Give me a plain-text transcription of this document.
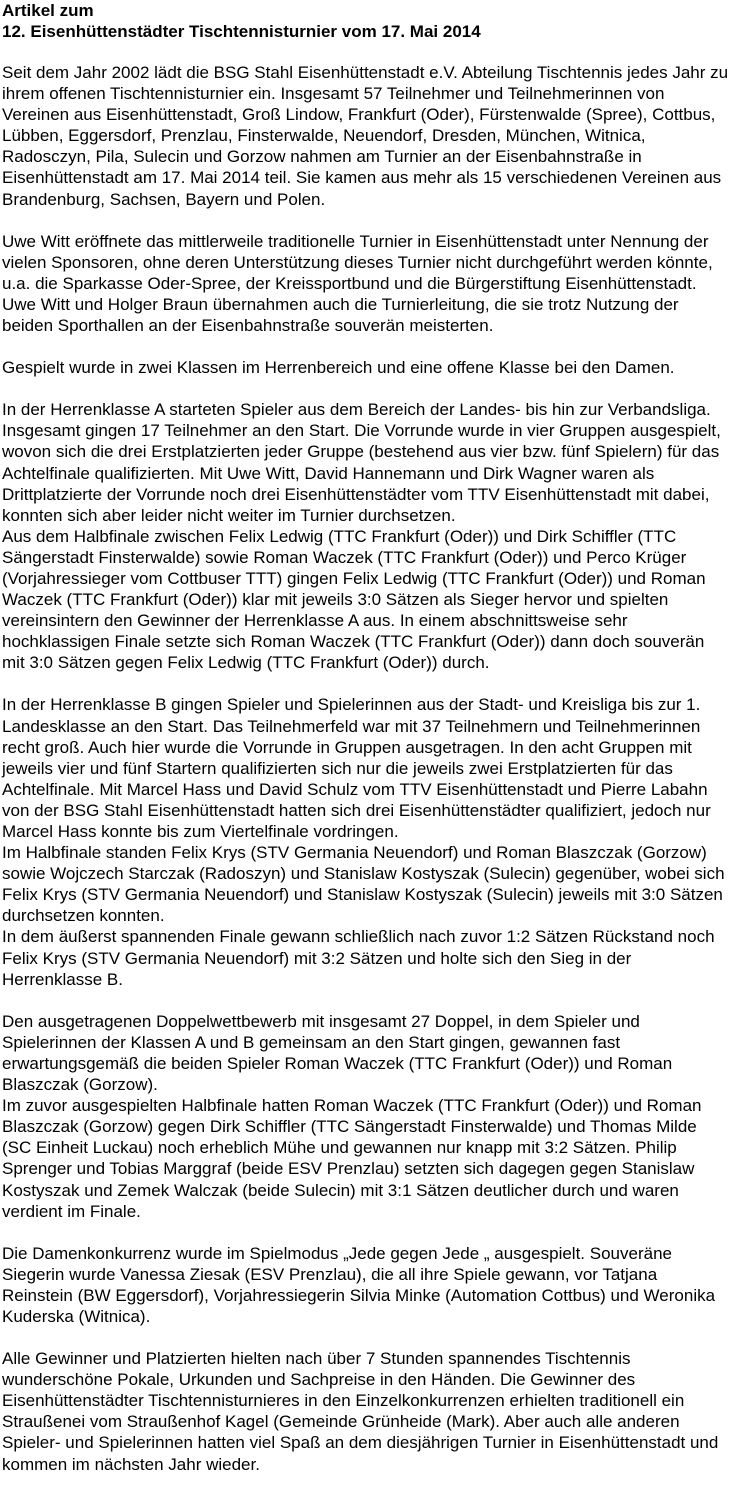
Artikel zum

12. Eisenhüttenstädter Tischtennisturnier vom 17. Mai 2014

Seit dem Jahr 2002 lädt die BSG Stahl Eisenhüttenstadt e.V. Abteilung Tischtennis jedes Jahr zu ihrem offenen Tischtennisturnier ein. Insgesamt 57 Teilnehmer und Teilnehmerinnen von Vereinen aus Eisenhüttenstadt, Groß Lindow, Frankfurt (Oder), Fürstenwalde (Spree), Cottbus, Lübben, Eggersdorf, Prenzlau, Finsterwalde, Neuendorf, Dresden, München, Witnica, Radosczyn, Pila, Sulecin und Gorzow nahmen am Turnier an der Eisenbahnstraße in Eisenhüttenstadt am 17. Mai 2014 teil. Sie kamen aus mehr als 15 verschiedenen Vereinen aus Brandenburg, Sachsen, Bayern und Polen.

Uwe Witt eröffnete das mittlerweile traditionelle Turnier in Eisenhüttenstadt unter Nennung der vielen Sponsoren, ohne deren Unterstützung dieses Turnier nicht durchgeführt werden könnte, u.a. die Sparkasse Oder-Spree, der Kreissportbund und die Bürgerstiftung Eisenhüttenstadt. Uwe Witt und Holger Braun übernahmen auch die Turnierleitung, die sie trotz Nutzung der beiden Sporthallen an der Eisenbahnstraße souverän meisterten.

Gespielt wurde in zwei Klassen im Herrenbereich und eine offene Klasse bei den Damen.

In der Herrenklasse A starteten Spieler aus dem Bereich der Landes- bis hin zur Verbandsliga. Insgesamt gingen 17 Teilnehmer an den Start. Die Vorrunde wurde in vier Gruppen ausgespielt, wovon sich die drei Erstplatzierten jeder Gruppe (bestehend aus vier bzw. fünf Spielern) für das Achtelfinale qualifizierten. Mit Uwe Witt, David Hannemann und Dirk Wagner waren als Drittplatzierte der Vorrunde noch drei Eisenhüttenstädter vom TTV Eisenhüttenstadt mit dabei, konnten sich aber leider nicht weiter im Turnier durchsetzen.

Aus dem Halbfinale zwischen Felix Ledwig (TTC Frankfurt (Oder)) und Dirk Schiffler (TTC Sängerstadt Finsterwalde) sowie Roman Waczek (TTC Frankfurt (Oder)) und Perco Krüger (Vorjahressieger vom Cottbuser TTT) gingen Felix Ledwig (TTC Frankfurt (Oder)) und Roman Waczek (TTC Frankfurt (Oder)) klar mit jeweils 3:0 Sätzen als Sieger hervor und spielten vereinsintern den Gewinner der Herrenklasse A aus. In einem abschnittsweise sehr hochklassigen Finale setzte sich Roman Waczek (TTC Frankfurt (Oder)) dann doch souverän mit 3:0 Sätzen gegen Felix Ledwig (TTC Frankfurt (Oder)) durch.

In der Herrenklasse B gingen Spieler und Spielerinnen aus der Stadt- und Kreisliga bis zur 1. Landesklasse an den Start. Das Teilnehmerfeld war mit 37 Teilnehmern und Teilnehmerinnen recht groß. Auch hier wurde die Vorrunde in Gruppen ausgetragen. In den acht Gruppen mit jeweils vier und fünf Startern qualifizierten sich nur die jeweils zwei Erstplatzierten für das Achtelfinale. Mit Marcel Hass und David Schulz vom TTV Eisenhüttenstadt und Pierre Labahn von der BSG Stahl Eisenhüttenstadt hatten sich drei Eisenhüttenstädter qualifiziert, jedoch nur Marcel Hass konnte bis zum Viertelfinale vordringen.

Im Halbfinale standen Felix Krys (STV Germania Neuendorf) und Roman Blaszczak (Gorzow) sowie Wojczech Starczak (Radoszyn) und Stanislaw Kostyszak (Sulecin) gegenüber, wobei sich Felix Krys (STV Germania Neuendorf) und Stanislaw Kostyszak (Sulecin) jeweils mit 3:0 Sätzen durchsetzen konnten.

In dem äußerst spannenden Finale gewann schließlich nach zuvor 1:2 Sätzen Rückstand noch Felix Krys (STV Germania Neuendorf) mit 3:2 Sätzen und holte sich den Sieg in der Herrenklasse B.

Den ausgetragenen Doppelwettbewerb mit insgesamt 27 Doppel, in dem Spieler und Spielerinnen der Klassen A und B gemeinsam an den Start gingen, gewannen fast erwartungsgemäß die beiden Spieler Roman Waczek (TTC Frankfurt (Oder)) und Roman Blaszczak (Gorzow).

Im zuvor ausgespielten Halbfinale hatten Roman Waczek (TTC Frankfurt (Oder)) und Roman Blaszczak (Gorzow) gegen Dirk Schiffler (TTC Sängerstadt Finsterwalde) und Thomas Milde (SC Einheit Luckau) noch erheblich Mühe und gewannen nur knapp mit 3:2 Sätzen. Philip Sprenger und Tobias Marggraf (beide ESV Prenzlau) setzten sich dagegen gegen Stanislaw Kostyszak und Zemek Walczak (beide Sulecin) mit 3:1 Sätzen deutlicher durch und waren verdient im Finale.

Die Damenkonkurrenz wurde im Spielmodus „Jede gegen Jede „ ausgespielt. Souveräne Siegerin wurde Vanessa Ziesak (ESV Prenzlau), die all ihre Spiele gewann, vor Tatjana Reinstein (BW Eggersdorf), Vorjahressiegerin Silvia Minke (Automation Cottbus) und Weronika Kuderska (Witnica).

Alle Gewinner und Platzierten hielten nach über 7 Stunden spannendes Tischtennis wunderschöne Pokale, Urkunden und Sachpreise in den Händen. Die Gewinner des Eisenhüttenstädter Tischtennisturnieres in den Einzelkonkurrenzen erhielten traditionell ein Straußenei vom Straußenhof Kagel (Gemeinde Grünheide (Mark). Aber auch alle anderen Spieler- und Spielerinnen hatten viel Spaß an dem diesjährigen Turnier in Eisenhüttenstadt und kommen im nächsten Jahr wieder.
